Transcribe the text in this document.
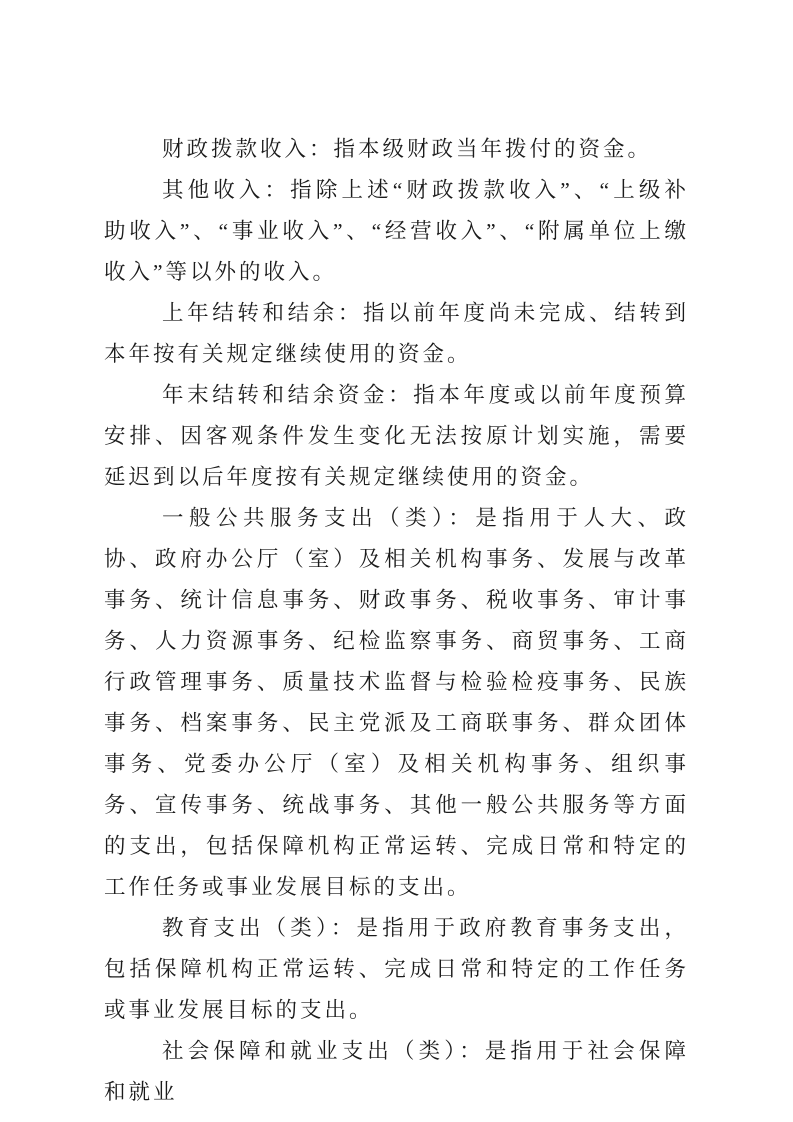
财政拨款收入：指本级财政当年拨付的资金。

其他收入：指除上述“财政拨款收入”、“上级补助收入”、“事业收入”、“经营收入”、“附属单位上缴收入”等以外的收入。

上年结转和结余：指以前年度尚未完成、结转到本年按有关规定继续使用的资金。

年末结转和结余资金：指本年度或以前年度预算安排、因客观条件发生变化无法按原计划实施，需要延迟到以后年度按有关规定继续使用的资金。

一般公共服务支出（类）：是指用于人大、政协、政府办公厅（室）及相关机构事务、发展与改革事务、统计信息事务、财政事务、税收事务、审计事务、人力资源事务、纪检监察事务、商贸事务、工商行政管理事务、质量技术监督与检验检疫事务、民族事务、档案事务、民主党派及工商联事务、群众团体事务、党委办公厅（室）及相关机构事务、组织事务、宣传事务、统战事务、其他一般公共服务等方面的支出，包括保障机构正常运转、完成日常和特定的工作任务或事业发展目标的支出。

教育支出（类）：是指用于政府教育事务支出，包括保障机构正常运转、完成日常和特定的工作任务或事业发展目标的支出。

社会保障和就业支出（类）：是指用于社会保障和就业
